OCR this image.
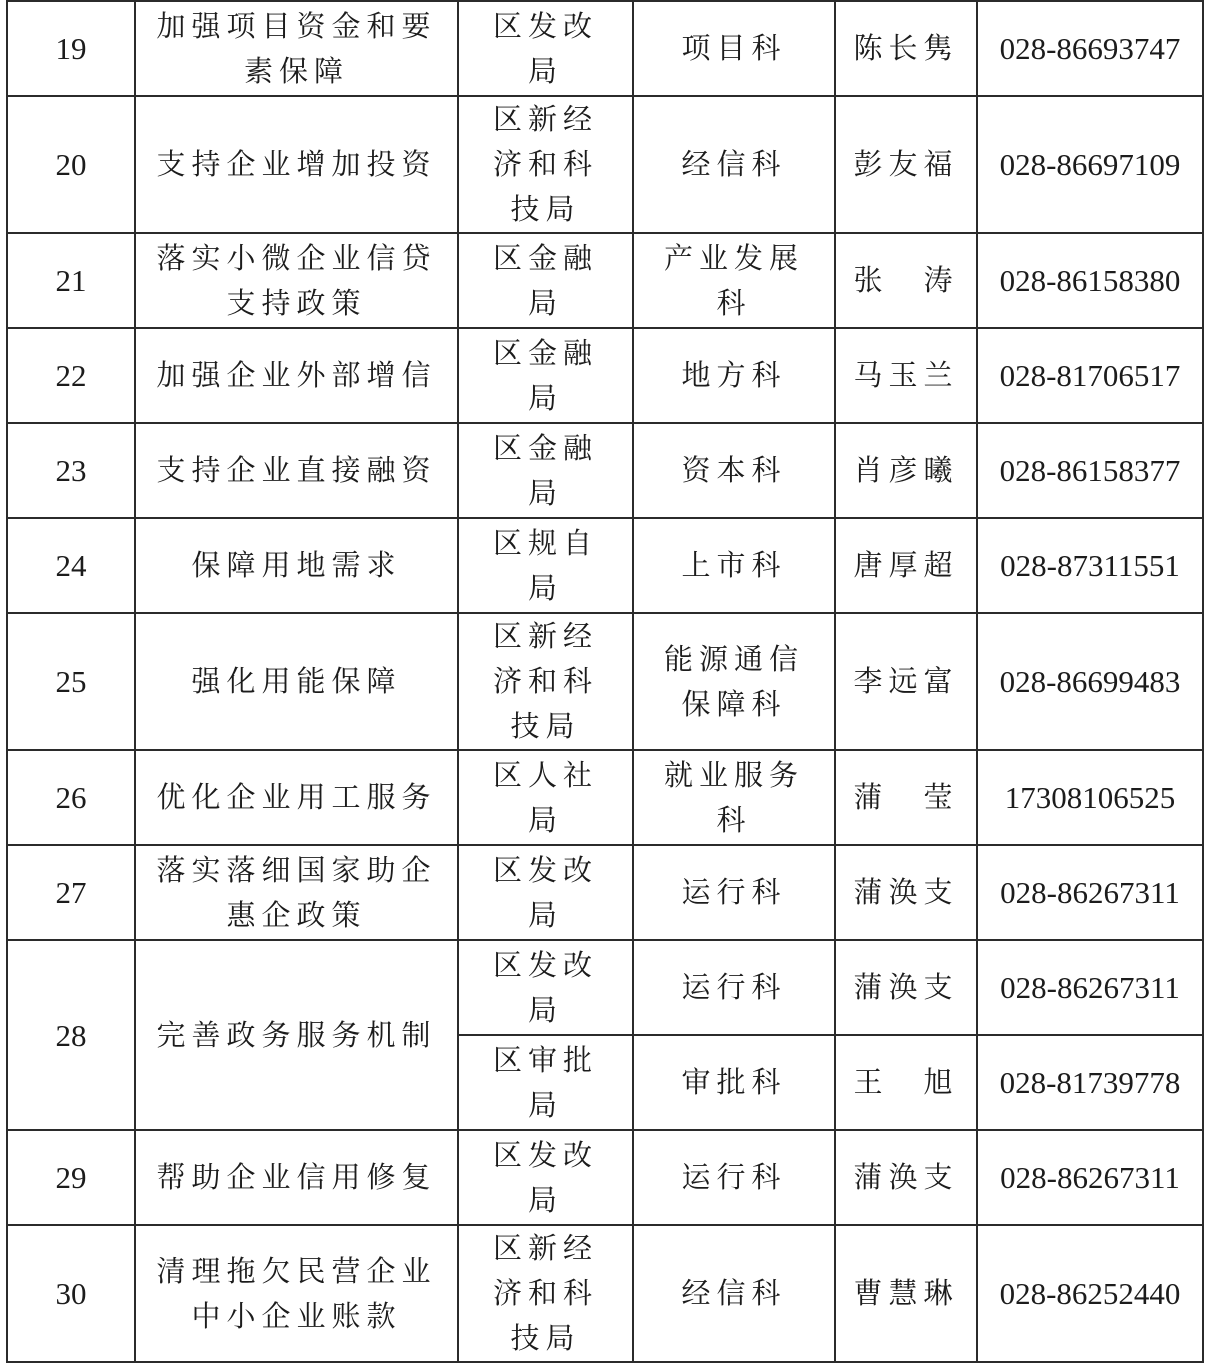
19	加强项目资金和要素保障	区发改局	项目科	陈长隽	028-86693747
20	支持企业增加投资	区新经济和科技局	经信科	彭友福	028-86697109
21	落实小微企业信贷支持政策	区金融局	产业发展科	张　涛	028-86158380
22	加强企业外部增信	区金融局	地方科	马玉兰	028-81706517
23	支持企业直接融资	区金融局	资本科	肖彦曦	028-86158377
24	保障用地需求	区规自局	上市科	唐厚超	028-87311551
25	强化用能保障	区新经济和科技局	能源通信保障科	李远富	028-86699483
26	优化企业用工服务	区人社局	就业服务科	蒲　莹	17308106525
27	落实落细国家助企惠企政策	区发改局	运行科	蒲涣支	028-86267311
28	完善政务服务机制	区发改局	运行科	蒲涣支	028-86267311
		区审批局	审批科	王　旭	028-81739778
29	帮助企业信用修复	区发改局	运行科	蒲涣支	028-86267311
30	清理拖欠民营企业中小企业账款	区新经济和科技局	经信科	曹慧琳	028-86252440
